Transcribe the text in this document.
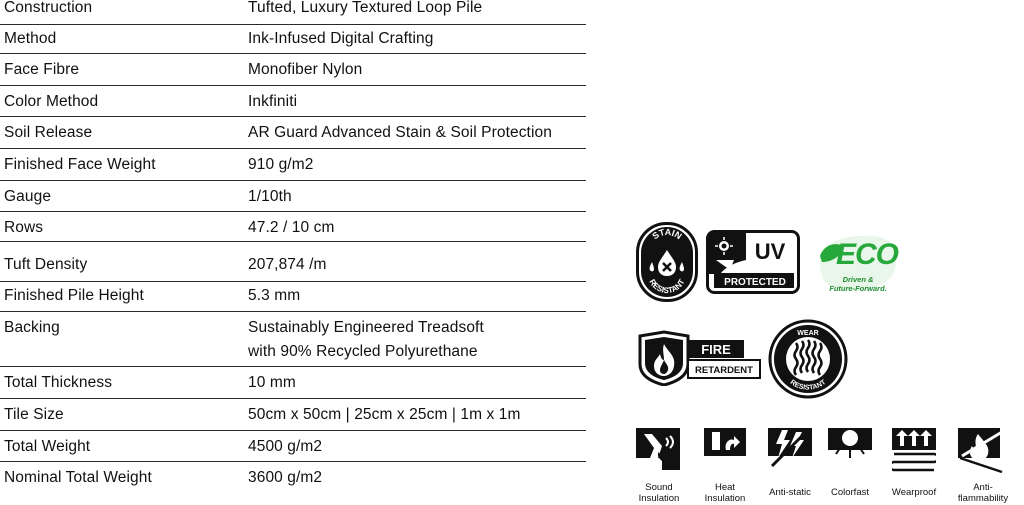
Construction	Tufted, Luxury Textured Loop Pile
Method	Ink-Infused Digital Crafting
Face Fibre	Monofiber Nylon
Color Method	Inkfiniti
Soil Release	AR Guard Advanced Stain & Soil Protection
Finished Face Weight	910 g/m2
Gauge	1/10th
Rows	47.2 / 10 cm
Tuft Density	207,874 /m
Finished Pile Height	5.3 mm
Backing	Sustainably Engineered Treadsoft
with 90% Recycled Polyurethane
Total Thickness	10 mm
Tile Size	50cm x 50cm | 25cm x 25cm | 1m x 1m
Total Weight	4500 g/m2
Nominal Total Weight	3600 g/m2
STAIN
RESISTANT
UV
PROTECTED
ECO
Driven &
Future-Forward.
FIRE
RETARDENT
WEAR
RESISTANT
Sound
Insulation
Heat
Insulation
Anti-static	Colorfast	Wearproof	Anti-
flammability
